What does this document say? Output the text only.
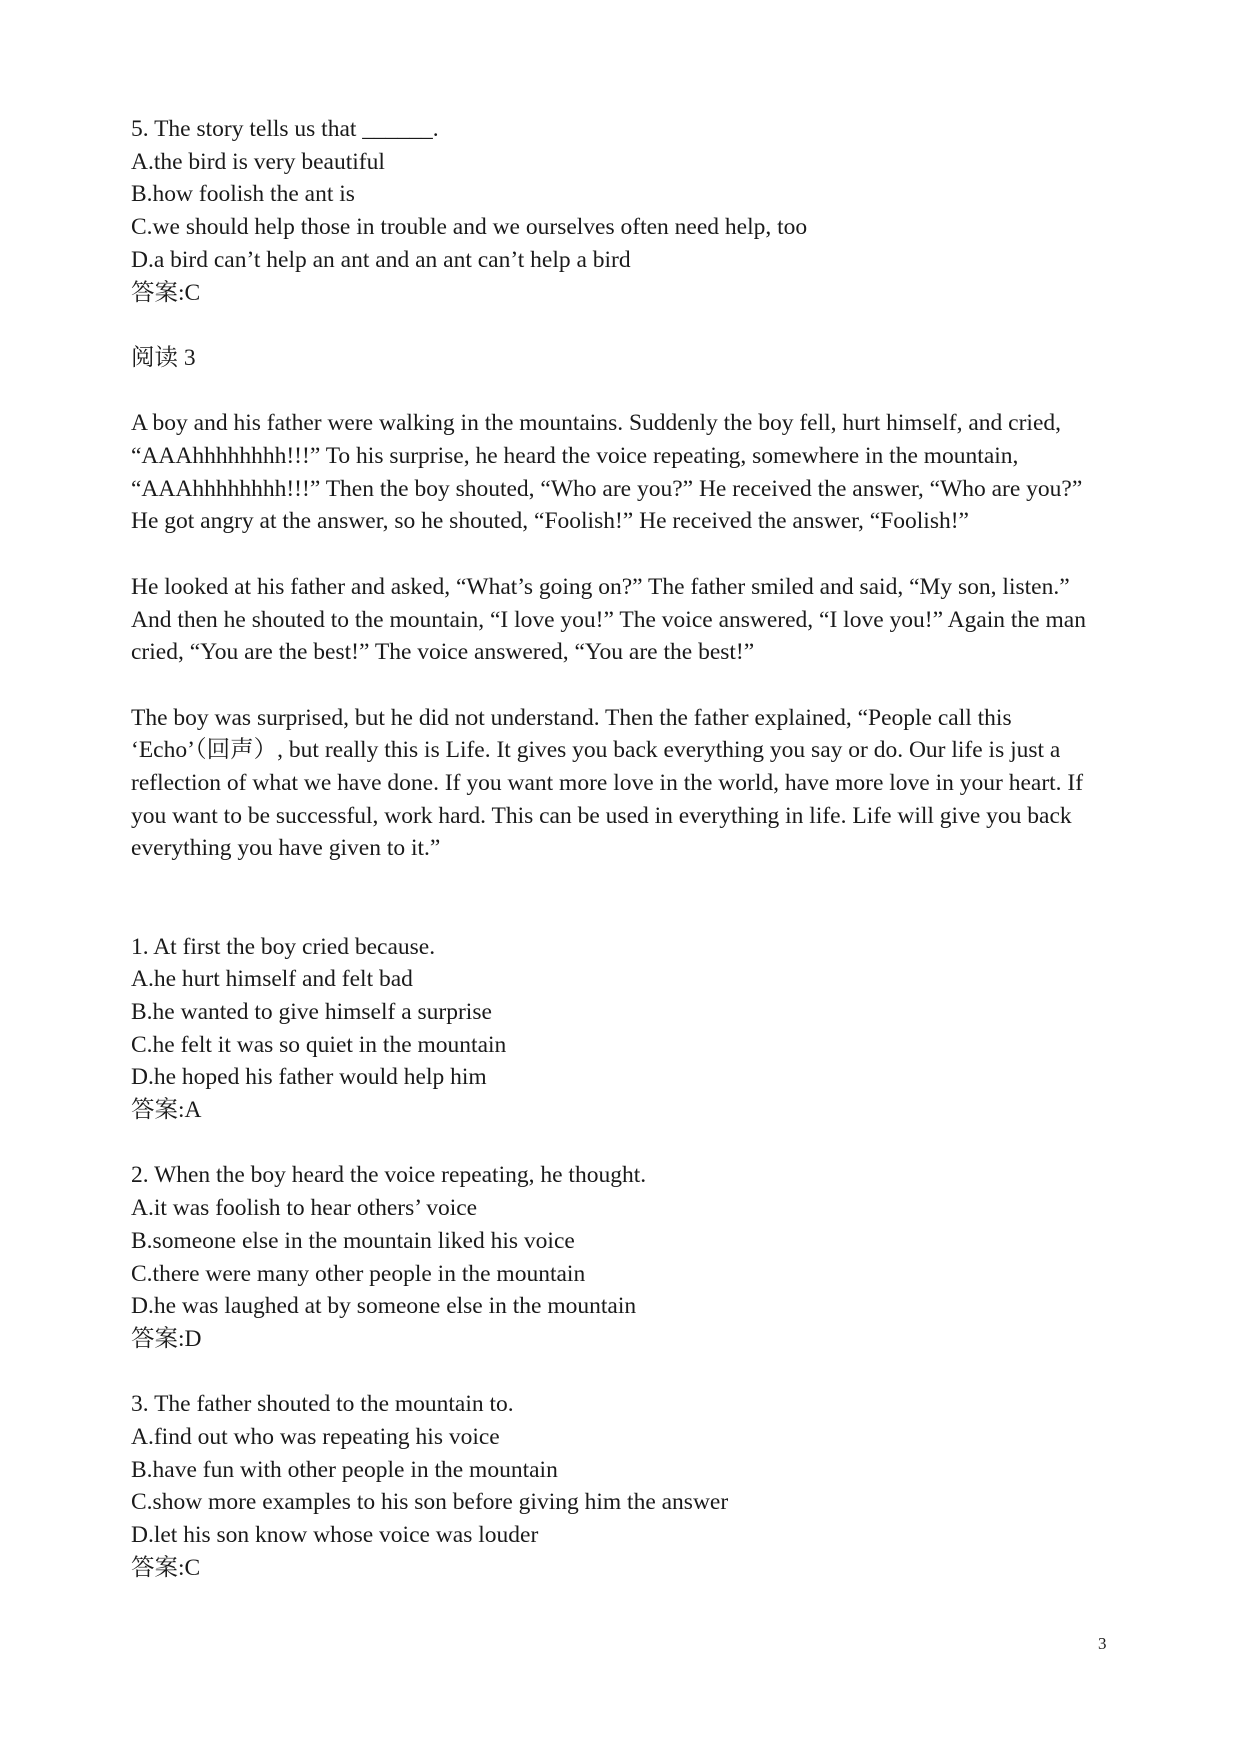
5. The story tells us that ______.
A.the bird is very beautiful
B.how foolish the ant is
C.we should help those in trouble and we ourselves often need help, too
D.a bird can’t help an ant and an ant can’t help a bird
答案:C
阅读 3

A boy and his father were walking in the mountains. Suddenly the boy fell, hurt himself, and cried, “AAAhhhhhhhh!!!” To his surprise, he heard the voice repeating, somewhere in the mountain, “AAAhhhhhhhh!!!” Then the boy shouted, “Who are you?” He received the answer, “Who are you?” He got angry at the answer, so he shouted, “Foolish!” He received the answer, “Foolish!”

He looked at his father and asked, “What’s going on?” The father smiled and said, “My son, listen.” And then he shouted to the mountain, “I love you!” The voice answered, “I love you!” Again the man cried, “You are the best!” The voice answered, “You are the best!”

The boy was surprised, but he did not understand. Then the father explained, “People call this ‘Echo’（回声）, but really this is Life. It gives you back everything you say or do. Our life is just a reflection of what we have done. If you want more love in the world, have more love in your heart. If you want to be successful, work hard. This can be used in everything in life. Life will give you back everything you have given to it.”

1. At first the boy cried because.
A.he hurt himself and felt bad
B.he wanted to give himself a surprise
C.he felt it was so quiet in the mountain
D.he hoped his father would help him
答案:A
2. When the boy heard the voice repeating, he thought.
A.it was foolish to hear others’ voice
B.someone else in the mountain liked his voice
C.there were many other people in the mountain
D.he was laughed at by someone else in the mountain
答案:D
3. The father shouted to the mountain to.
A.find out who was repeating his voice
B.have fun with other people in the mountain
C.show more examples to his son before giving him the answer
D.let his son know whose voice was louder
答案:C
3
